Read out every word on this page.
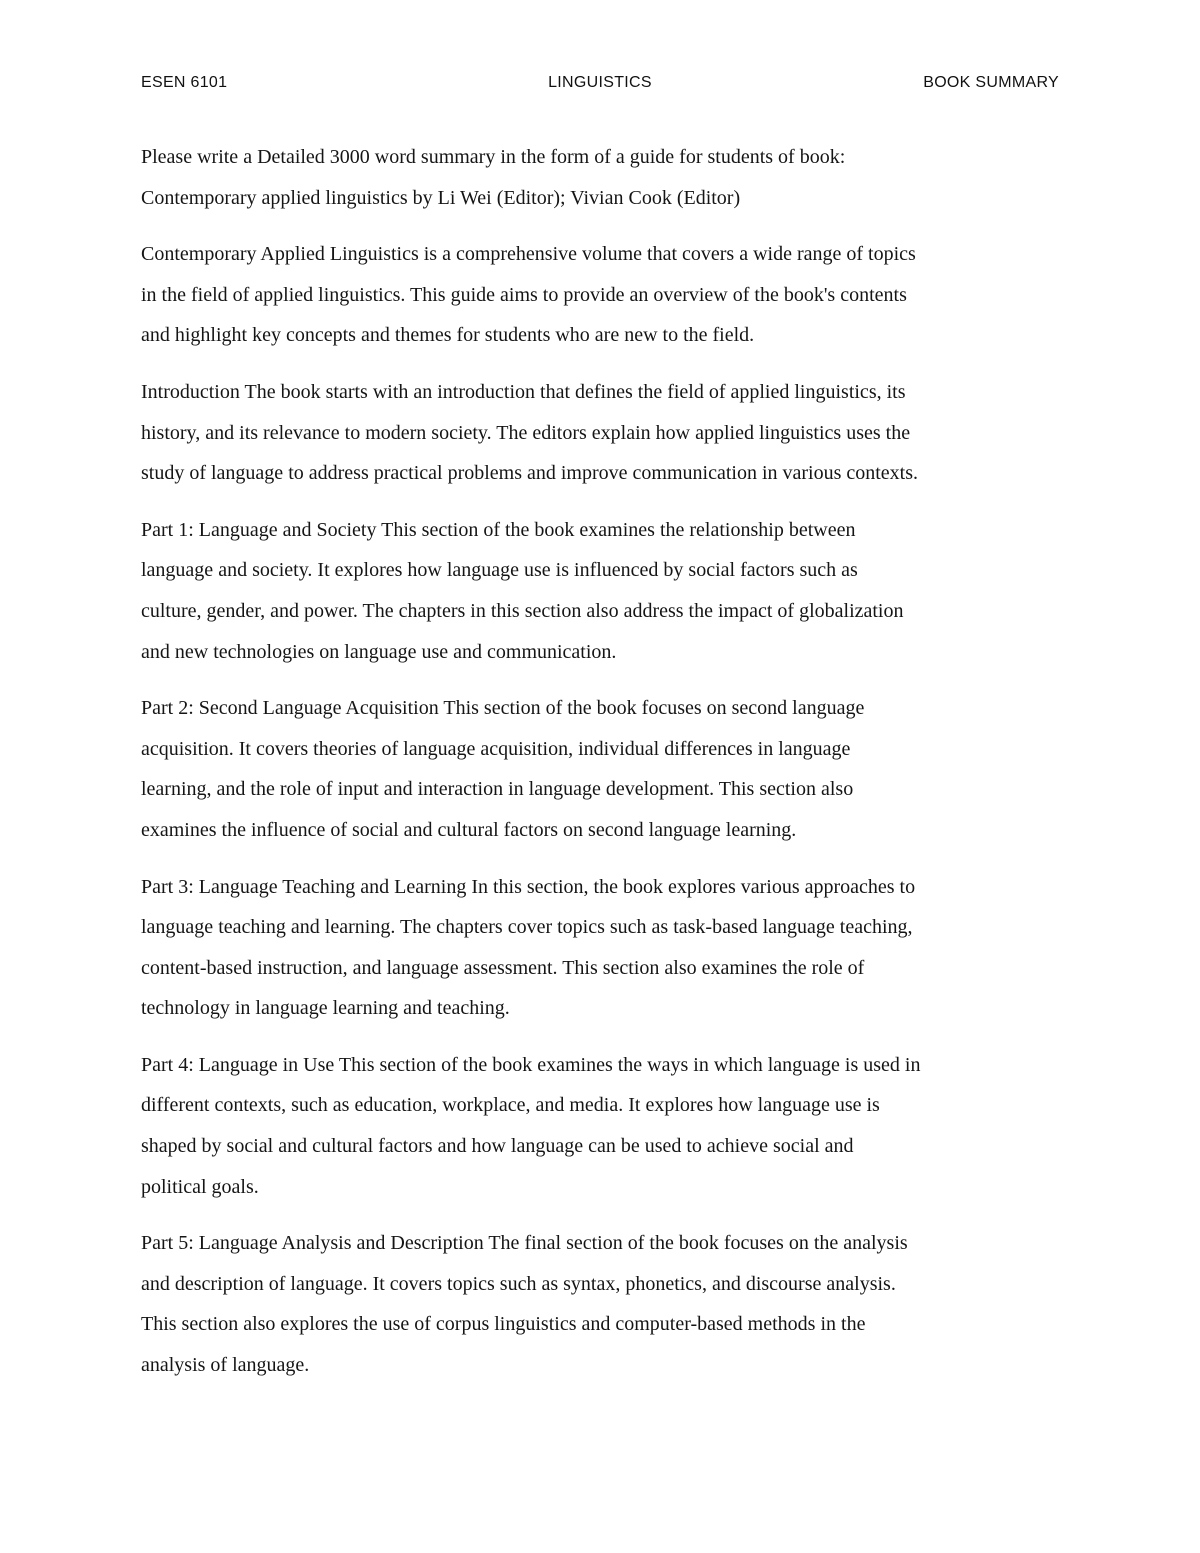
ESEN 6101	LINGUISTICS	BOOK SUMMARY

Please write a Detailed 3000 word summary in the form of a guide for students of book:
Contemporary applied linguistics by Li Wei (Editor); Vivian Cook (Editor)

Contemporary Applied Linguistics is a comprehensive volume that covers a wide range of topics
in the field of applied linguistics. This guide aims to provide an overview of the book's contents
and highlight key concepts and themes for students who are new to the field.

Introduction The book starts with an introduction that defines the field of applied linguistics, its
history, and its relevance to modern society. The editors explain how applied linguistics uses the
study of language to address practical problems and improve communication in various contexts.

Part 1: Language and Society This section of the book examines the relationship between
language and society. It explores how language use is influenced by social factors such as
culture, gender, and power. The chapters in this section also address the impact of globalization
and new technologies on language use and communication.

Part 2: Second Language Acquisition This section of the book focuses on second language
acquisition. It covers theories of language acquisition, individual differences in language
learning, and the role of input and interaction in language development. This section also
examines the influence of social and cultural factors on second language learning.

Part 3: Language Teaching and Learning In this section, the book explores various approaches to
language teaching and learning. The chapters cover topics such as task-based language teaching,
content-based instruction, and language assessment. This section also examines the role of
technology in language learning and teaching.

Part 4: Language in Use This section of the book examines the ways in which language is used in
different contexts, such as education, workplace, and media. It explores how language use is
shaped by social and cultural factors and how language can be used to achieve social and
political goals.

Part 5: Language Analysis and Description The final section of the book focuses on the analysis
and description of language. It covers topics such as syntax, phonetics, and discourse analysis.
This section also explores the use of corpus linguistics and computer-based methods in the
analysis of language.
